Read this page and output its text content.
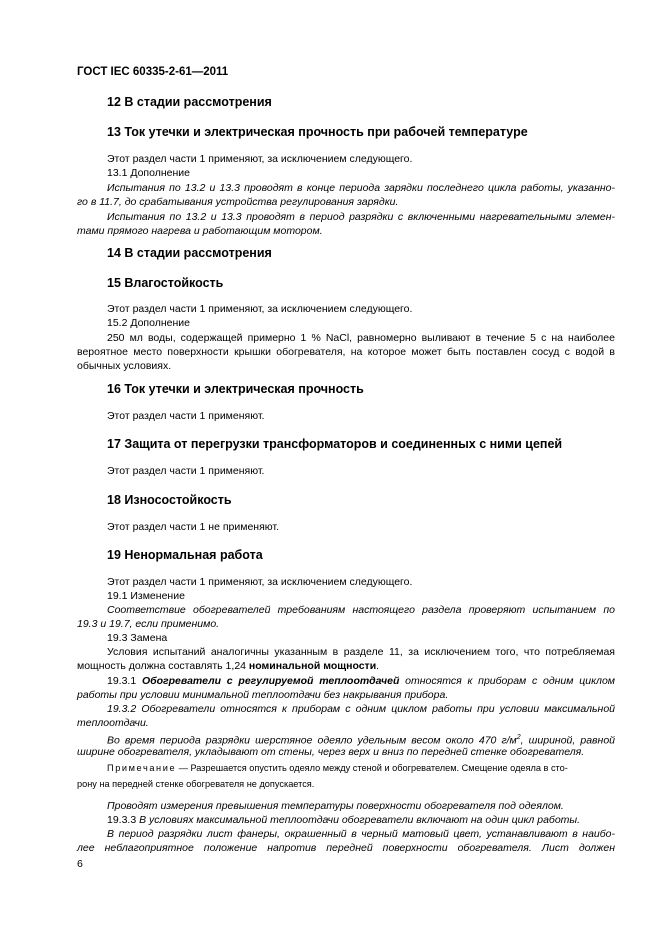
ГОСТ IEC 60335-2-61—2011
12 В стадии рассмотрения
13 Ток утечки и электрическая прочность при рабочей температуре
Этот раздел части 1 применяют, за исключением следующего.
13.1 Дополнение
Испытания по 13.2 и 13.3 проводят в конце периода зарядки последнего цикла работы, указанно-
го в 11.7, до срабатывания устройства регулирования зарядки.
Испытания по 13.2 и 13.3 проводят в период разрядки с включенными нагревательными элемен-
тами прямого нагрева и работающим мотором.
14 В стадии рассмотрения
15 Влагостойкость
Этот раздел части 1 применяют, за исключением следующего.
15.2 Дополнение
250 мл воды, содержащей примерно 1 % NaCl, равномерно выливают в течение 5 с на наиболее
вероятное место поверхности крышки обогревателя, на которое может быть поставлен сосуд с водой в
обычных условиях.
16 Ток утечки и электрическая прочность
Этот раздел части 1 применяют.
17 Защита от перегрузки трансформаторов и соединенных с ними цепей
Этот раздел части 1 применяют.
18 Износостойкость
Этот раздел части 1 не применяют.
19 Ненормальная работа
Этот раздел части 1 применяют, за исключением следующего.
19.1 Изменение
Соответствие обогревателей требованиям настоящего раздела проверяют испытанием по
19.3 и 19.7, если применимо.
19.3 Замена
Условия испытаний аналогичны указанным в разделе 11, за исключением того, что потребляемая
мощность должна составлять 1,24 номинальной мощности.
19.3.1 Обогреватели с регулируемой теплоотдачей относятся к приборам с одним циклом
работы при условии минимальной теплоотдачи без накрывания прибора.
19.3.2 Обогреватели относятся к приборам с одним циклом работы при условии максимальной
теплоотдачи.
Во время периода разрядки шерстяное одеяло удельным весом около 470 $г/м^2$, шириной, равной
ширине обогревателя, укладывают от стены, через верх и вниз по передней стенке обогревателя.
Примечание — Разрешается опустить одеяло между стеной и обогревателем. Смещение одеяла в сто-
рону на передней стенке обогревателя не допускается.
Проводят измерения превышения температуры поверхности обогревателя под одеялом.
19.3.3 В условиях максимальной теплоотдачи обогреватели включают на один цикл работы.
В период разрядки лист фанеры, окрашенный в черный матовый цвет, устанавливают в наибо-
лее неблагоприятное положение напротив передней поверхности обогревателя. Лист должен
6
